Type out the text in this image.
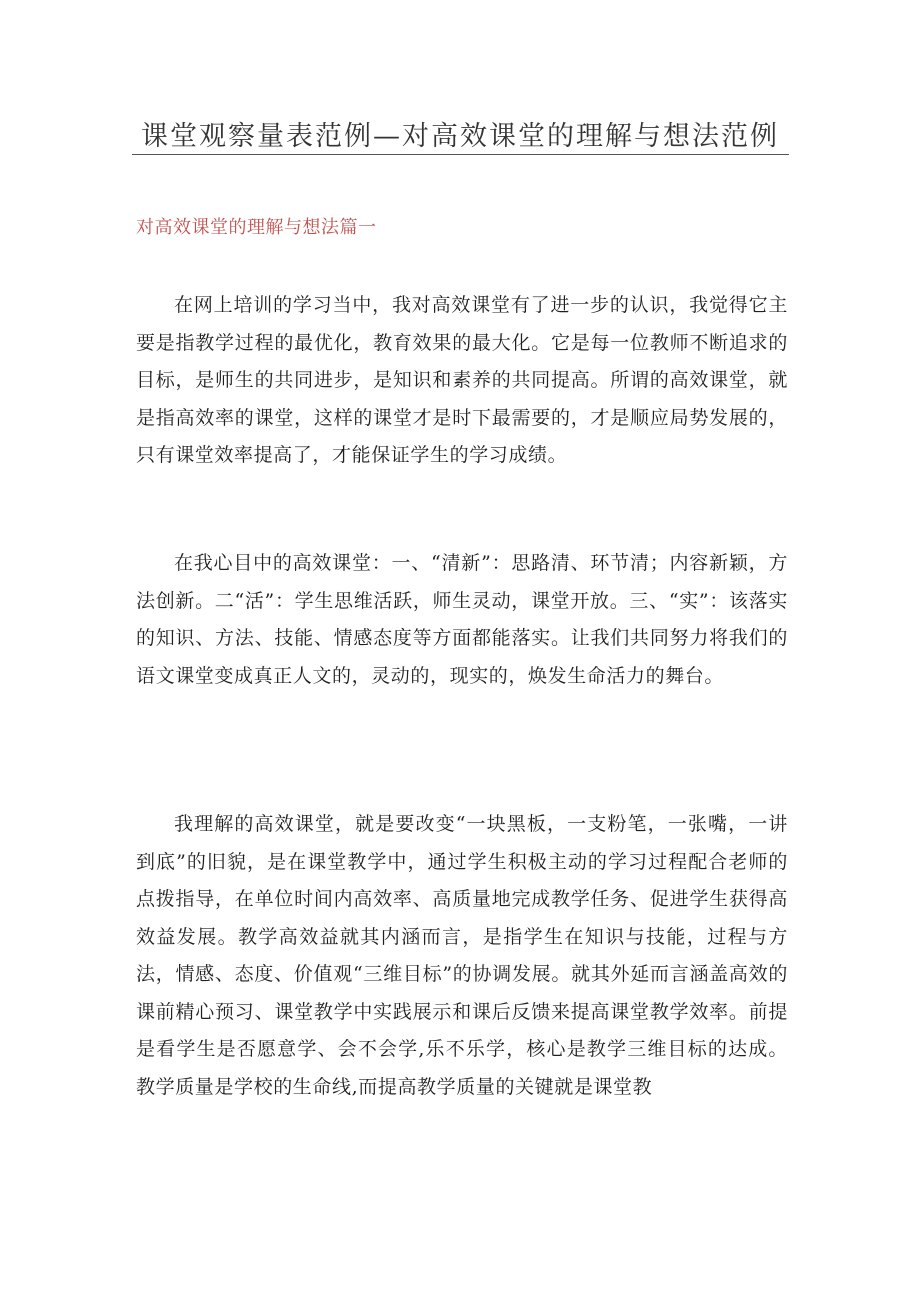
课堂观察量表范例—对高效课堂的理解与想法范例
对高效课堂的理解与想法篇一

在网上培训的学习当中，我对高效课堂有了进一步的认识，我觉得它主要是指教学过程的最优化，教育效果的最大化。它是每一位教师不断追求的目标，是师生的共同进步，是知识和素养的共同提高。所谓的高效课堂，就是指高效率的课堂，这样的课堂才是时下最需要的，才是顺应局势发展的，只有课堂效率提高了，才能保证学生的学习成绩。

在我心目中的高效课堂：一、“清新”：思路清、环节清；内容新颖，方法创新。二“活”：学生思维活跃，师生灵动，课堂开放。三、“实”：该落实的知识、方法、技能、情感态度等方面都能落实。让我们共同努力将我们的语文课堂变成真正人文的，灵动的，现实的，焕发生命活力的舞台。

我理解的高效课堂，就是要改变“一块黑板，一支粉笔，一张嘴，一讲到底”的旧貌，是在课堂教学中，通过学生积极主动的学习过程配合老师的点拨指导，在单位时间内高效率、高质量地完成教学任务、促进学生获得高效益发展。教学高效益就其内涵而言，是指学生在知识与技能，过程与方法，情感、态度、价值观“三维目标”的协调发展。就其外延而言涵盖高效的课前精心预习、课堂教学中实践展示和课后反馈来提高课堂教学效率。前提是看学生是否愿意学、会不会学,乐不乐学，核心是教学三维目标的达成。教学质量是学校的生命线,而提高教学质量的关键就是课堂教
